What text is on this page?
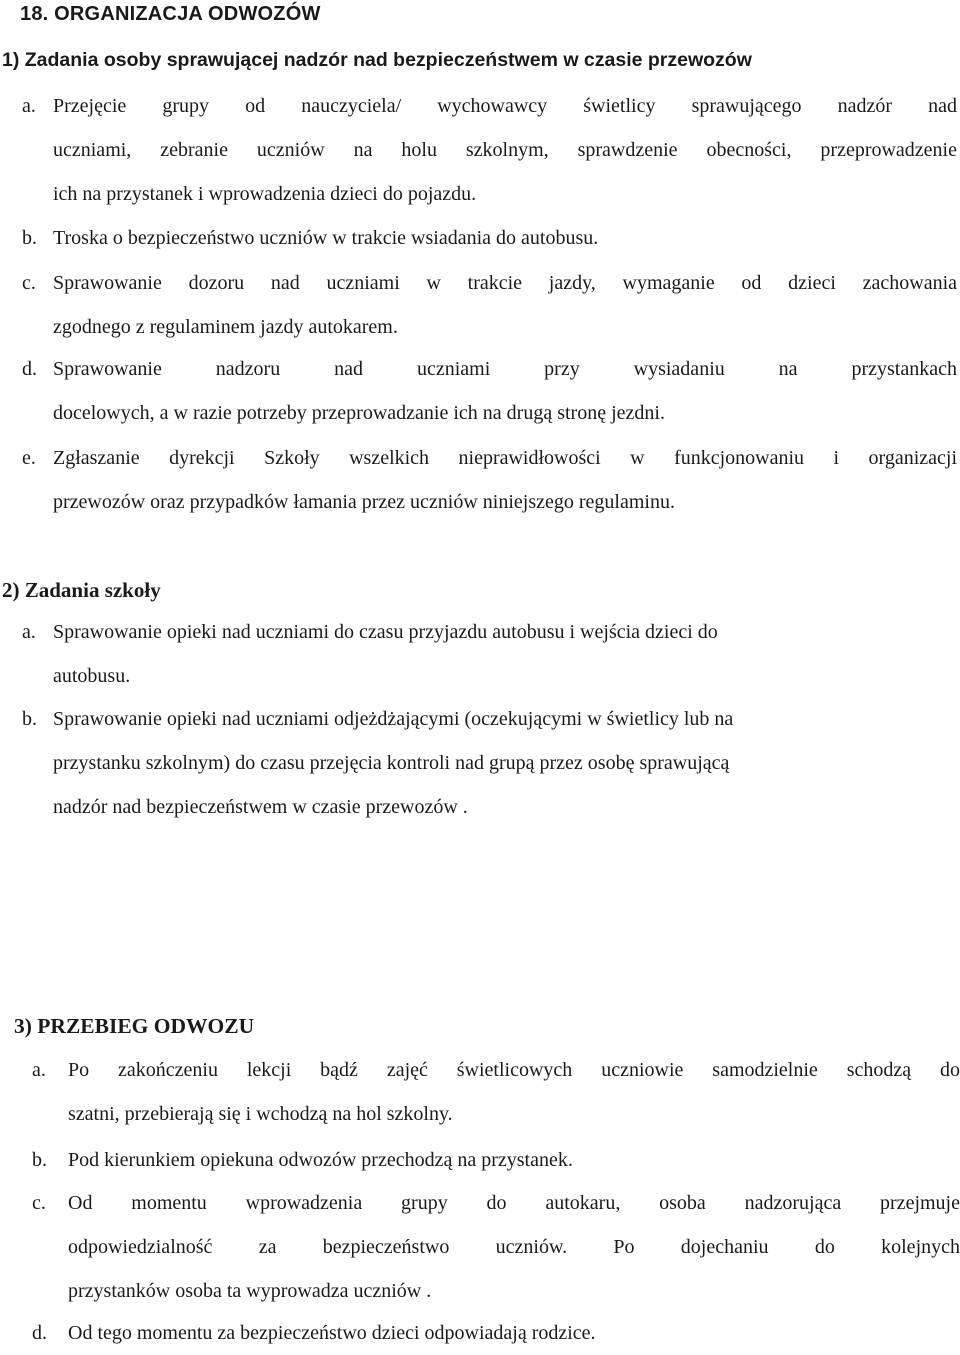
18. ORGANIZACJA ODWOZÓW
1) Zadania osoby sprawującej nadzór nad bezpieczeństwem w czasie przewozów
a. Przejęcie grupy od nauczyciela/ wychowawcy świetlicy sprawującego nadzór nad
uczniami, zebranie uczniów na holu szkolnym, sprawdzenie obecności, przeprowadzenie
ich na przystanek i wprowadzenia dzieci do pojazdu.
b. Troska o bezpieczeństwo uczniów w trakcie wsiadania do autobusu.
c. Sprawowanie dozoru nad uczniami w trakcie jazdy, wymaganie od dzieci zachowania
zgodnego z regulaminem jazdy autokarem.
d. Sprawowanie nadzoru nad uczniami przy wysiadaniu na przystankach
docelowych, a w razie potrzeby przeprowadzanie ich na drugą stronę jezdni.
e. Zgłaszanie dyrekcji Szkoły wszelkich nieprawidłowości w funkcjonowaniu i organizacji
przewozów oraz przypadków łamania przez uczniów niniejszego regulaminu.
2) Zadania szkoły
a. Sprawowanie opieki nad uczniami do czasu przyjazdu autobusu i wejścia dzieci do
autobusu.
b. Sprawowanie opieki nad uczniami odjeżdżającymi (oczekującymi w świetlicy lub na
przystanku szkolnym) do czasu przejęcia kontroli nad grupą przez osobę sprawującą
nadzór nad bezpieczeństwem w czasie przewozów .
3) PRZEBIEG ODWOZU
a. Po zakończeniu lekcji bądź zajęć świetlicowych uczniowie samodzielnie schodzą do
szatni, przebierają się i wchodzą na hol szkolny.
b. Pod kierunkiem opiekuna odwozów przechodzą na przystanek.
c. Od momentu wprowadzenia grupy do autokaru, osoba nadzorująca przejmuje
odpowiedzialność za bezpieczeństwo uczniów. Po dojechaniu do kolejnych
przystanków osoba ta wyprowadza uczniów .
d. Od tego momentu za bezpieczeństwo dzieci odpowiadają rodzice.
